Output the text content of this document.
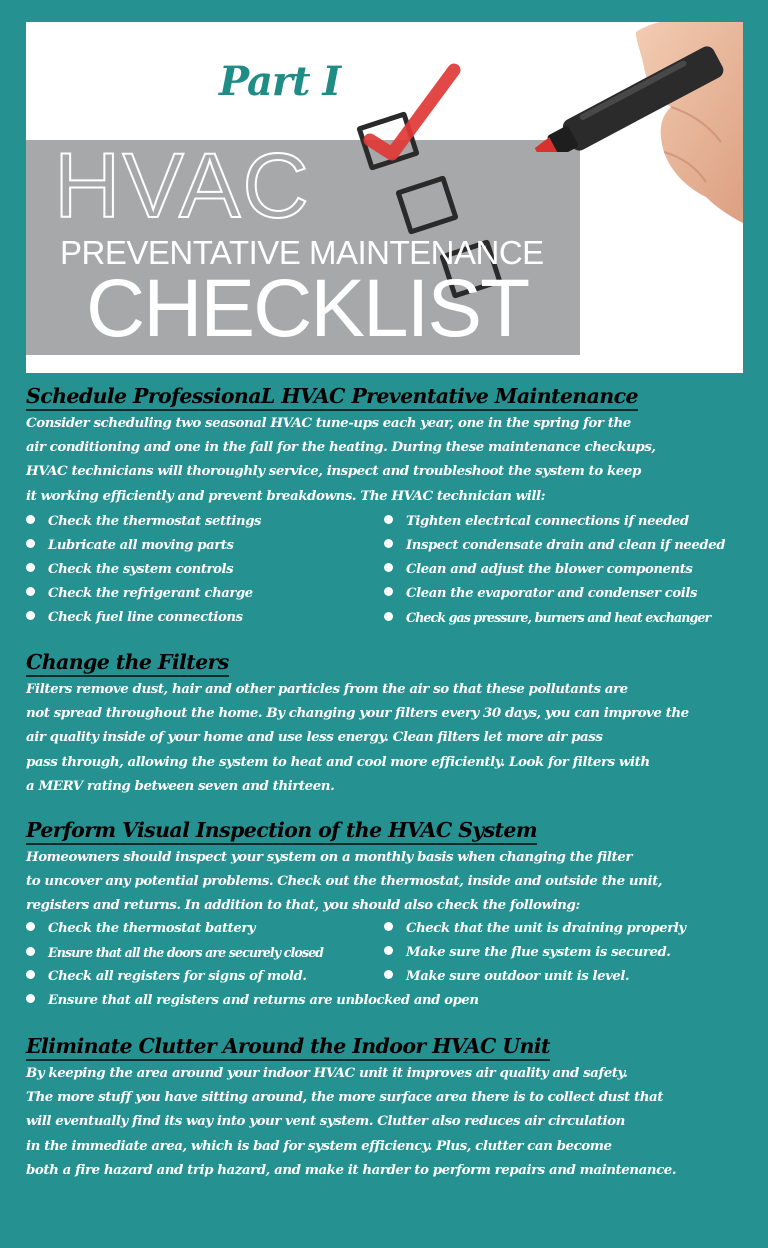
Part I
HVAC
PREVENTATIVE MAINTENANCE
CHECKLIST
Schedule ProfessionaL HVAC Preventative Maintenance
Consider scheduling two seasonal HVAC tune-ups each year, one in the spring for the
air conditioning and one in the fall for the heating. During these maintenance checkups,
HVAC technicians will thoroughly service, inspect and troubleshoot the system to keep
it working efficiently and prevent breakdowns. The HVAC technician will:
Check the thermostat settings
Lubricate all moving parts
Check the system controls
Check the refrigerant charge
Check fuel line connections
Tighten electrical connections if needed
Inspect condensate drain and clean if needed
Clean and adjust the blower components
Clean the evaporator and condenser coils
Check gas pressure, burners and heat exchanger
Change the Filters
Filters remove dust, hair and other particles from the air so that these pollutants are
not spread throughout the home. By changing your filters every 30 days, you can improve the
air quality inside of your home and use less energy. Clean filters let more air pass
pass through, allowing the system to heat and cool more efficiently. Look for filters with
a MERV rating between seven and thirteen.
Perform Visual Inspection of the HVAC System
Homeowners should inspect your system on a monthly basis when changing the filter
to uncover any potential problems. Check out the thermostat, inside and outside the unit,
registers and returns. In addition to that, you should also check the following:
Check the thermostat battery
Ensure that all the doors are securely closed
Check all registers for signs of mold.
Ensure that all registers and returns are unblocked and open
Check that the unit is draining properly
Make sure the flue system is secured.
Make sure outdoor unit is level.
Eliminate Clutter Around the Indoor HVAC Unit
By keeping the area around your indoor HVAC unit it improves air quality and safety.
The more stuff you have sitting around, the more surface area there is to collect dust that
will eventually find its way into your vent system. Clutter also reduces air circulation
in the immediate area, which is bad for system efficiency. Plus, clutter can become
both a fire hazard and trip hazard, and make it harder to perform repairs and maintenance.
